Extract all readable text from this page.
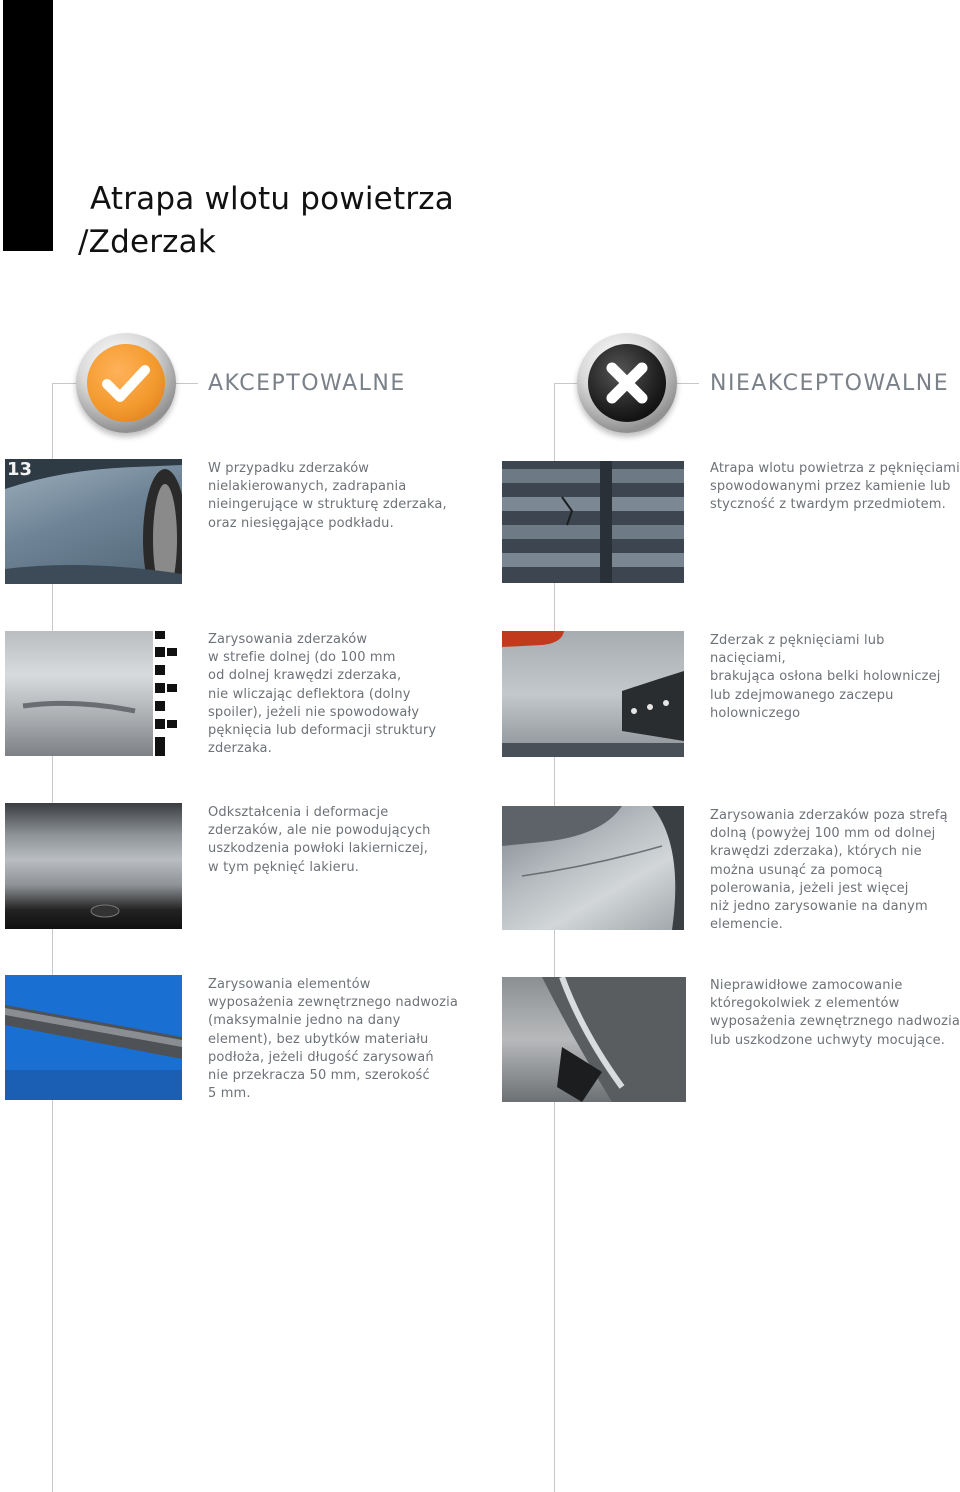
Atrapa wlotu powietrza
/Zderzak
AKCEPTOWALNE	NIEAKCEPTOWALNE
13	W przypadku zderzaków
nielakierowanych, zadrapania
nieingerujące w strukturę zderzaka,
oraz niesięgające podkładu.
Zarysowania zderzaków
w strefie dolnej (do 100 mm
od dolnej krawędzi zderzaka,
nie wliczając deflektora (dolny
spoiler), jeżeli nie spowodowały
pęknięcia lub deformacji struktury
zderzaka.
Odkształcenia i deformacje
zderzaków, ale nie powodujących
uszkodzenia powłoki lakierniczej,
w tym pęknięć lakieru.
Zarysowania elementów
wyposażenia zewnętrznego nadwozia
(maksymalnie jedno na dany
element), bez ubytków materiału
podłoża, jeżeli długość zarysowań
nie przekracza 50 mm, szerokość
5 mm.
Atrapa wlotu powietrza z pęknięciami
spowodowanymi przez kamienie lub
styczność z twardym przedmiotem.
Zderzak z pęknięciami lub nacięciami,
brakująca osłona belki holowniczej
lub zdejmowanego zaczepu
holowniczego
Zarysowania zderzaków poza strefą
dolną (powyżej 100 mm od dolnej
krawędzi zderzaka), których nie
można usunąć za pomocą
polerowania, jeżeli jest więcej
niż jedno zarysowanie na danym
elemencie.
Nieprawidłowe zamocowanie
któregokolwiek z elementów
wyposażenia zewnętrznego nadwozia
lub uszkodzone uchwyty mocujące.
